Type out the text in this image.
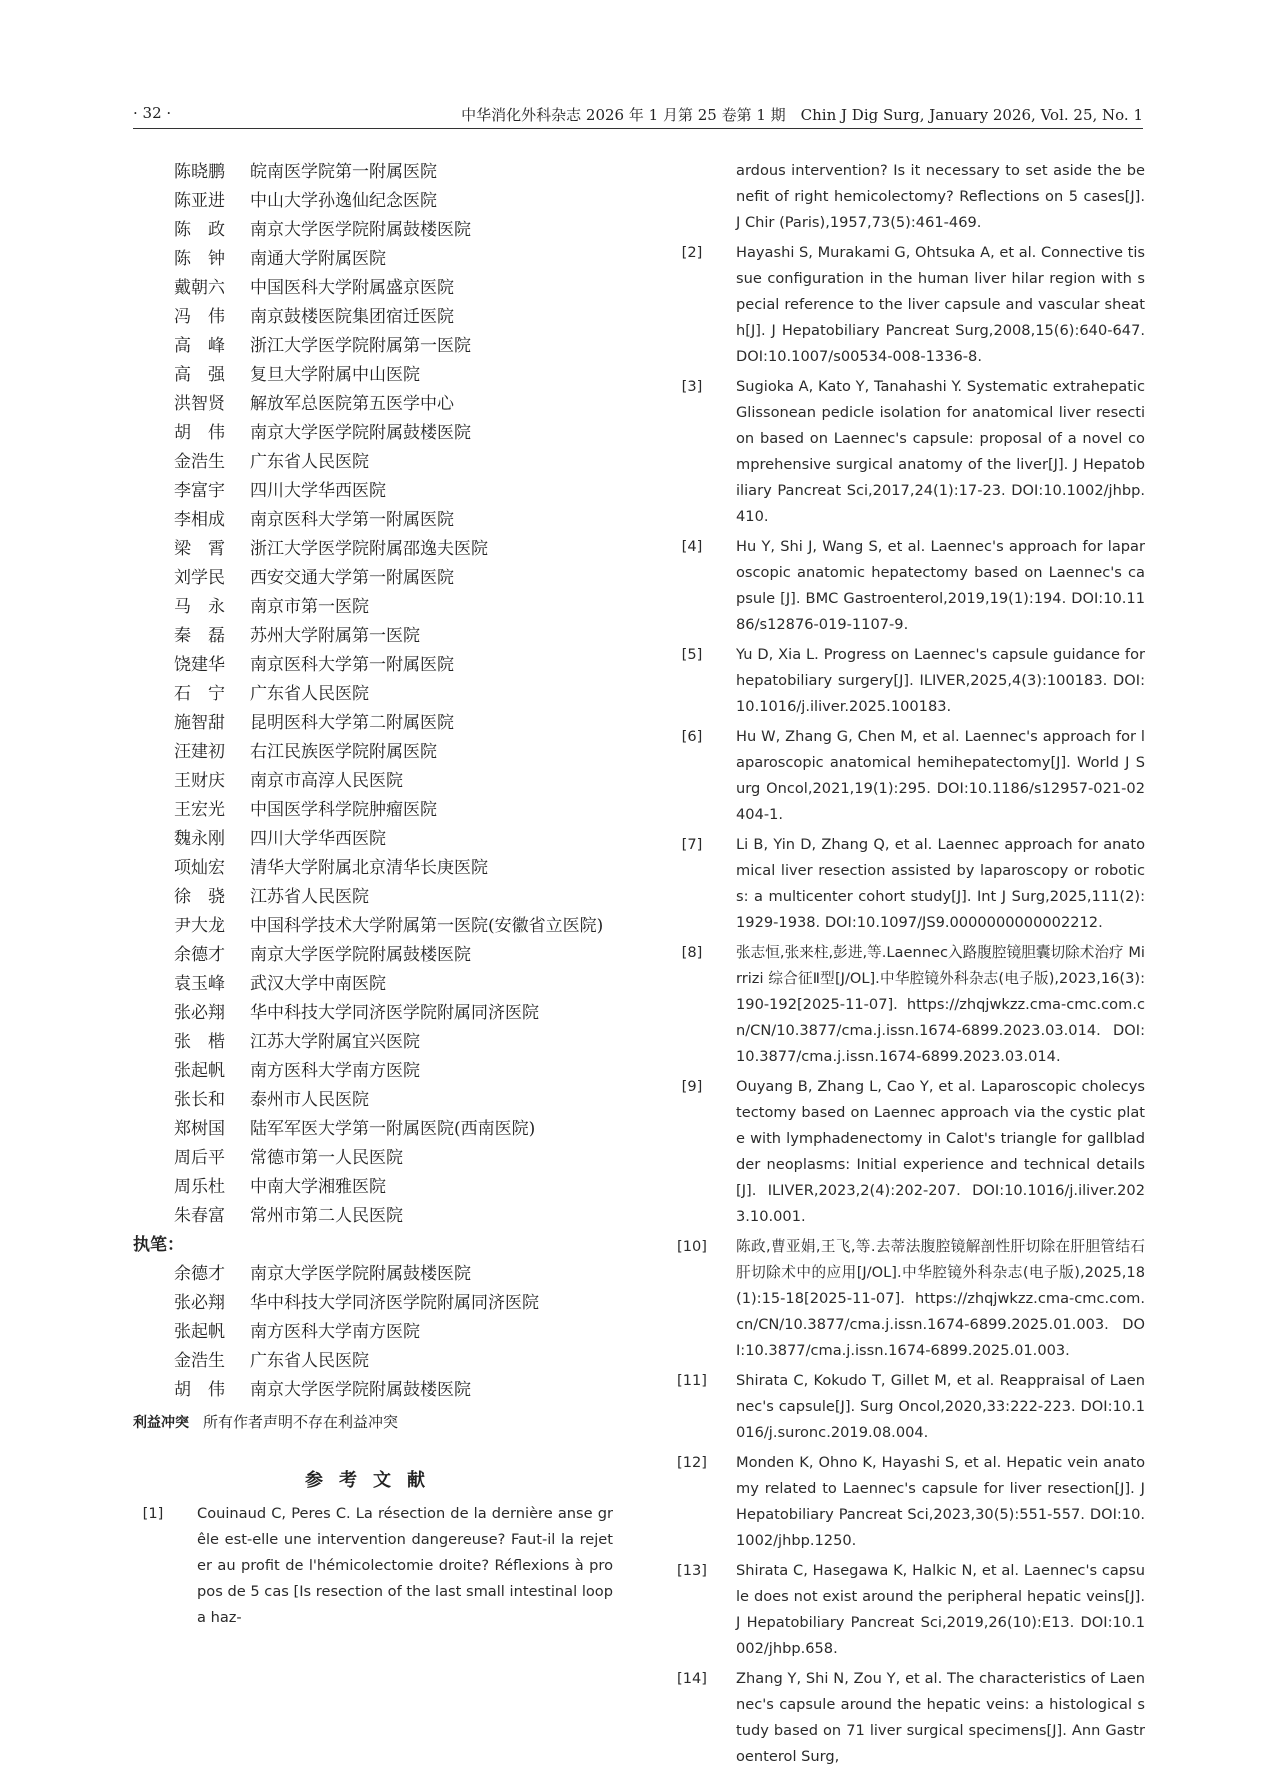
· 32 ·	中华消化外科杂志 2026 年 1 月第 25 卷第 1 期　Chin J Dig Surg, January 2026, Vol. 25, No. 1
陈晓鹏 皖南医学院第一附属医院
陈亚进 中山大学孙逸仙纪念医院
陈　政 南京大学医学院附属鼓楼医院
陈　钟 南通大学附属医院
戴朝六 中国医科大学附属盛京医院
冯　伟 南京鼓楼医院集团宿迁医院
高　峰 浙江大学医学院附属第一医院
高　强 复旦大学附属中山医院
洪智贤 解放军总医院第五医学中心
胡　伟 南京大学医学院附属鼓楼医院
金浩生 广东省人民医院
李富宇 四川大学华西医院
李相成 南京医科大学第一附属医院
梁　霄 浙江大学医学院附属邵逸夫医院
刘学民 西安交通大学第一附属医院
马　永 南京市第一医院
秦　磊 苏州大学附属第一医院
饶建华 南京医科大学第一附属医院
石　宁 广东省人民医院
施智甜 昆明医科大学第二附属医院
汪建初 右江民族医学院附属医院
王财庆 南京市高淳人民医院
王宏光 中国医学科学院肿瘤医院
魏永刚 四川大学华西医院
项灿宏 清华大学附属北京清华长庚医院
徐　骁 江苏省人民医院
尹大龙 中国科学技术大学附属第一医院(安徽省立医院)
余德才 南京大学医学院附属鼓楼医院
袁玉峰 武汉大学中南医院
张必翔 华中科技大学同济医学院附属同济医院
张　楷 江苏大学附属宜兴医院
张起帆 南方医科大学南方医院
张长和 泰州市人民医院
郑树国 陆军军医大学第一附属医院(西南医院)
周后平 常德市第一人民医院
周乐杜 中南大学湘雅医院
朱春富 常州市第二人民医院
执笔：
余德才 南京大学医学院附属鼓楼医院
张必翔 华中科技大学同济医学院附属同济医院
张起帆 南方医科大学南方医院
金浩生 广东省人民医院
胡　伟 南京大学医学院附属鼓楼医院
利益冲突 所有作者声明不存在利益冲突
参考文献
[1]	Couinaud C, Peres C. La résection de la dernière anse grêle est-elle une intervention dangereuse? Faut-il la rejeter au profit de l'hémicolectomie droite? Réflexions à propos de 5 cas [Is resection of the last small intestinal loop a haz-
ardous intervention? Is it necessary to set aside the benefit of right hemicolectomy? Reflections on 5 cases[J]. J Chir (Paris),1957,73(5):461-469.
[2]	Hayashi S, Murakami G, Ohtsuka A, et al. Connective tissue configuration in the human liver hilar region with special reference to the liver capsule and vascular sheath[J]. J Hepatobiliary Pancreat Surg,2008,15(6):640-647. DOI:10.1007/s00534-008-1336-8.
[3]	Sugioka A, Kato Y, Tanahashi Y. Systematic extrahepatic Glissonean pedicle isolation for anatomical liver resection based on Laennec's capsule: proposal of a novel comprehensive surgical anatomy of the liver[J]. J Hepatobiliary Pancreat Sci,2017,24(1):17-23. DOI:10.1002/jhbp.410.
[4]	Hu Y, Shi J, Wang S, et al. Laennec's approach for laparoscopic anatomic hepatectomy based on Laennec's capsule [J]. BMC Gastroenterol,2019,19(1):194. DOI:10.1186/s12876-019-1107-9.
[5]	Yu D, Xia L. Progress on Laennec's capsule guidance for hepatobiliary surgery[J]. ILIVER,2025,4(3):100183. DOI:10.1016/j.iliver.2025.100183.
[6]	Hu W, Zhang G, Chen M, et al. Laennec's approach for laparoscopic anatomical hemihepatectomy[J]. World J Surg Oncol,2021,19(1):295. DOI:10.1186/s12957-021-02404-1.
[7]	Li B, Yin D, Zhang Q, et al. Laennec approach for anatomical liver resection assisted by laparoscopy or robotics: a multicenter cohort study[J]. Int J Surg,2025,111(2):1929-1938. DOI:10.1097/JS9.0000000000002212.
[8]	张志恒,张来柱,彭进,等.Laennec入路腹腔镜胆囊切除术治疗 Mirrizi 综合征Ⅱ型[J/OL].中华腔镜外科杂志(电子版),2023,16(3):190-192[2025-11-07]. https://zhqjwkzz.cma-cmc.com.cn/CN/10.3877/cma.j.issn.1674-6899.2023.03.014. DOI:10.3877/cma.j.issn.1674-6899.2023.03.014.
[9]	Ouyang B, Zhang L, Cao Y, et al. Laparoscopic cholecystectomy based on Laennec approach via the cystic plate with lymphadenectomy in Calot's triangle for gallbladder neoplasms: Initial experience and technical details[J]. ILIVER,2023,2(4):202-207. DOI:10.1016/j.iliver.2023.10.001.
[10]	陈政,曹亚娟,王飞,等.去蒂法腹腔镜解剖性肝切除在肝胆管结石肝切除术中的应用[J/OL].中华腔镜外科杂志(电子版),2025,18(1):15-18[2025-11-07]. https://zhqjwkzz.cma-cmc.com.cn/CN/10.3877/cma.j.issn.1674-6899.2025.01.003. DOI:10.3877/cma.j.issn.1674-6899.2025.01.003.
[11]	Shirata C, Kokudo T, Gillet M, et al. Reappraisal of Laennec's capsule[J]. Surg Oncol,2020,33:222-223. DOI:10.1016/j.suronc.2019.08.004.
[12]	Monden K, Ohno K, Hayashi S, et al. Hepatic vein anatomy related to Laennec's capsule for liver resection[J]. J Hepatobiliary Pancreat Sci,2023,30(5):551-557. DOI:10.1002/jhbp.1250.
[13]	Shirata C, Hasegawa K, Halkic N, et al. Laennec's capsule does not exist around the peripheral hepatic veins[J]. J Hepatobiliary Pancreat Sci,2019,26(10):E13. DOI:10.1002/jhbp.658.
[14]	Zhang Y, Shi N, Zou Y, et al. The characteristics of Laennec's capsule around the hepatic veins: a histological study based on 71 liver surgical specimens[J]. Ann Gastroenterol Surg,
